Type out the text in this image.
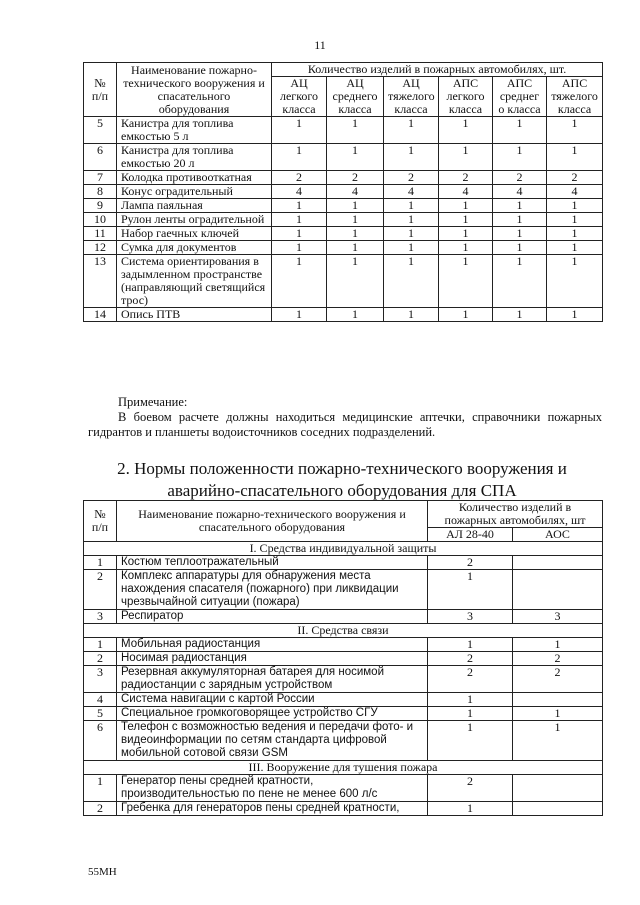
11
№ п/п	Наименование пожарно-технического вооружения и спасательного оборудования	Количество изделий в пожарных автомобилях, шт.					
		АЦ легкого класса	АЦ среднего класса	АЦ тяжелого класса	АПС легкого класса	АПС среднег о класса	АПС тяжелого класса
5	Канистра для топлива емкостью 5 л	1	1	1	1	1	1
6	Канистра для топлива емкостью 20 л	1	1	1	1	1	1
7	Колодка противооткатная	2	2	2	2	2	2
8	Конус оградительный	4	4	4	4	4	4
9	Лампа паяльная	1	1	1	1	1	1
10	Рулон ленты оградительной	1	1	1	1	1	1
11	Набор гаечных ключей	1	1	1	1	1	1
12	Сумка для документов	1	1	1	1	1	1
13	Система ориентирования в задымленном пространстве (направляющий светящийся трос)	1	1	1	1	1	1
14	Опись ПТВ	1	1	1	1	1	1
Примечание:
В боевом расчете должны находиться медицинские аптечки, справочники пожарных гидрантов и планшеты водоисточников соседних подразделений.
2. Нормы положенности пожарно-технического вооружения и аварийно-спасательного оборудования для СПА
№ п/п	Наименование пожарно-технического вооружения и спасательного оборудования	Количество изделий в пожарных автомобилях, шт	
		АЛ 28-40	АОС
I. Средства индивидуальной защиты			
1	Костюм теплоотражательный	2	
2	Комплекс аппаратуры для обнаружения места нахождения спасателя (пожарного) при ликвидации чрезвычайной ситуации (пожара)	1	
3	Респиратор	3	3
II. Средства связи			
1	Мобильная радиостанция	1	1
2	Носимая радиостанция	2	2
3	Резервная аккумуляторная батарея для носимой радиостанции с зарядным устройством	2	2
4	Система навигации с картой России	1	
5	Специальное громкоговорящее устройство СГУ	1	1
6	Телефон с возможностью ведения и передачи фото- и видеоинформации по сетям стандарта цифровой мобильной сотовой связи GSM	1	1
III. Вооружение для тушения пожара			
1	Генератор пены средней кратности, производительностью по пене не менее 600 л/с	2	
2	Гребенка для генераторов пены средней кратности,	1	
55МН
